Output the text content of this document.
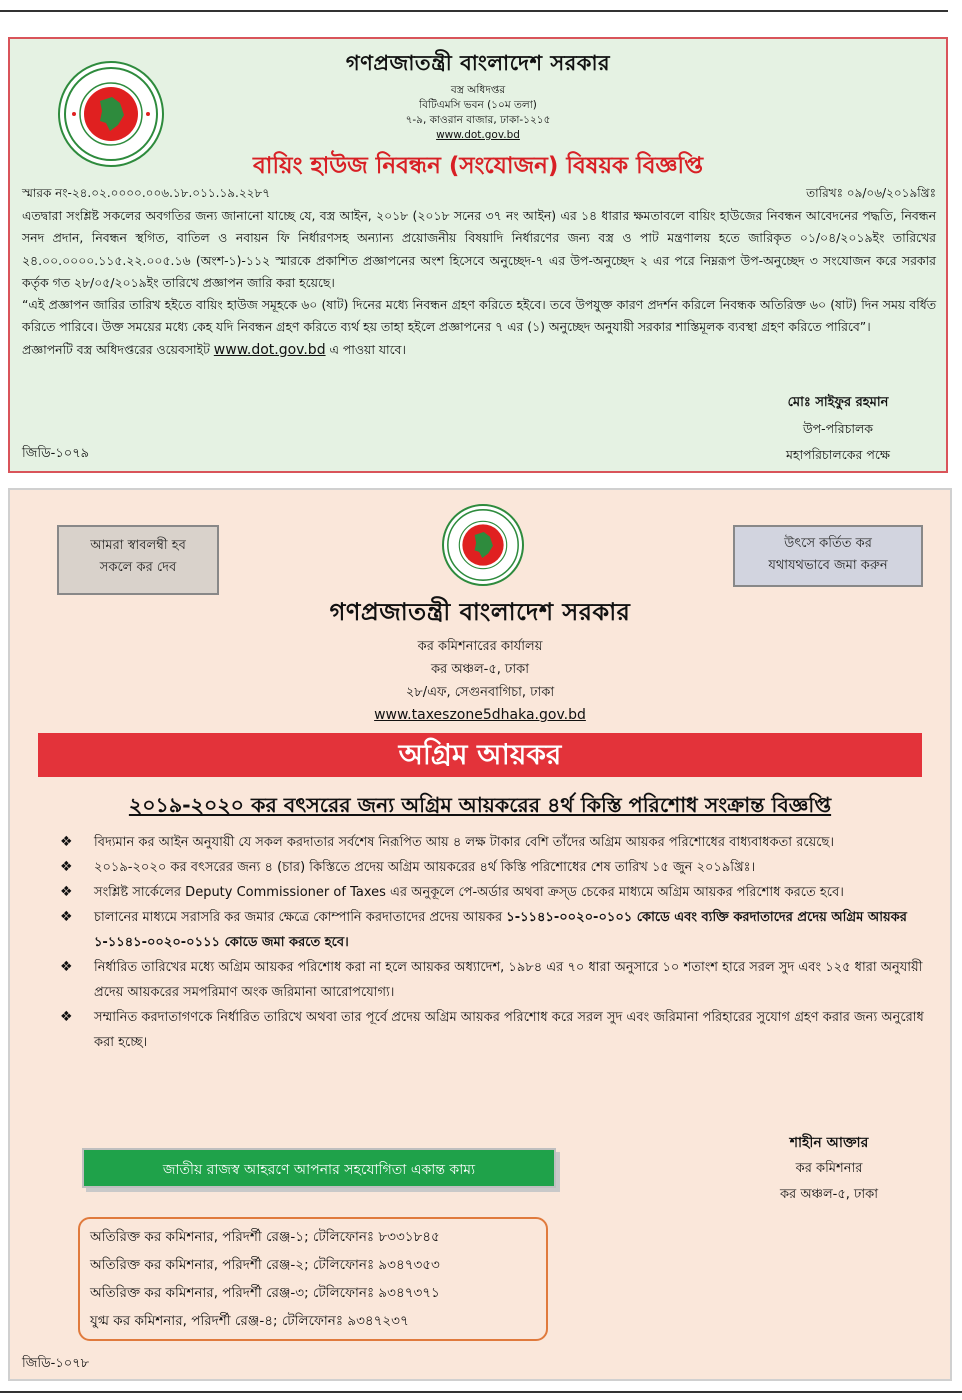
গণপ্রজাতন্ত্রী বাংলাদেশ সরকার
বস্ত্র অধিদপ্তর
বিটিএমসি ভবন (১০ম তলা)
৭-৯, কাওরান বাজার, ঢাকা-১২১৫
www.dot.gov.bd
বায়িং হাউজ নিবন্ধন (সংযোজন) বিষয়ক বিজ্ঞপ্তি
স্মারক নং-২৪.০২.০০০০.০০৬.১৮.০১১.১৯.২২৮৭	তারিখঃ ০৯/০৬/২০১৯খ্রিঃ

এতদ্বারা সংশ্লিষ্ট সকলের অবগতির জন্য জানানো যাচ্ছে যে, বস্ত্র আইন, ২০১৮ (২০১৮ সনের ৩৭ নং আইন) এর ১৪ ধারার ক্ষমতাবলে বায়িং হাউজের নিবন্ধন আবেদনের পদ্ধতি, নিবন্ধন সনদ প্রদান, নিবন্ধন স্থগিত, বাতিল ও নবায়ন ফি নির্ধারণসহ অন্যান্য প্রয়োজনীয় বিষয়াদি নির্ধারণের জন্য বস্ত্র ও পাট মন্ত্রণালয় হতে জারিকৃত ০১/০৪/২০১৯ইং তারিখের ২৪.০০.০০০০.১১৫.২২.০০৫.১৬ (অংশ-১)-১১২ স্মারকে প্রকাশিত প্রজ্ঞাপনের অংশ হিসেবে অনুচ্ছেদ-৭ এর উপ-অনুচ্ছেদ ২ এর পরে নিম্নরূপ উপ-অনুচ্ছেদ ৩ সংযোজন করে সরকার কর্তৃক গত ২৮/০৫/২০১৯ইং তারিখে প্রজ্ঞাপন জারি করা হয়েছে।

“এই প্রজ্ঞাপন জারির তারিখ হইতে বায়িং হাউজ সমূহকে ৬০ (ষাট) দিনের মধ্যে নিবন্ধন গ্রহণ করিতে হইবে। তবে উপযুক্ত কারণ প্রদর্শন করিলে নিবন্ধক অতিরিক্ত ৬০ (ষাট) দিন সময় বর্ধিত করিতে পারিবে। উক্ত সময়ের মধ্যে কেহ যদি নিবন্ধন গ্রহণ করিতে ব্যর্থ হয় তাহা হইলে প্রজ্ঞাপনের ৭ এর (১) অনুচ্ছেদ অনুযায়ী সরকার শাস্তিমূলক ব্যবস্থা গ্রহণ করিতে পারিবে”।

প্রজ্ঞাপনটি বস্ত্র অধিদপ্তরের ওয়েবসাইট www.dot.gov.bd এ পাওয়া যাবে।

মোঃ সাইফুর রহমান
উপ-পরিচালক
মহাপরিচালকের পক্ষে
জিডি-১০৭৯
আমরা স্বাবলম্বী হব
সকলে কর দেব
উৎসে কর্তিত কর
যথাযথভাবে জমা করুন
গণপ্রজাতন্ত্রী বাংলাদেশ সরকার
কর কমিশনারের কার্যালয়
কর অঞ্চল-৫, ঢাকা
২৮/এফ, সেগুনবাগিচা, ঢাকা
www.taxeszone5dhaka.gov.bd
অগ্রিম আয়কর
২০১৯-২০২০ কর বৎসরের জন্য অগ্রিম আয়করের ৪র্থ কিস্তি পরিশোধ সংক্রান্ত বিজ্ঞপ্তি
❖ বিদ্যমান কর আইন অনুযায়ী যে সকল করদাতার সর্বশেষ নিরূপিত আয় ৪ লক্ষ টাকার বেশি তাঁদের অগ্রিম আয়কর পরিশোধের বাধ্যবাধকতা রয়েছে।
❖ ২০১৯-২০২০ কর বৎসরের জন্য ৪ (চার) কিস্তিতে প্রদেয় অগ্রিম আয়করের ৪র্থ কিস্তি পরিশোধের শেষ তারিখ ১৫ জুন ২০১৯খ্রিঃ।
❖ সংশ্লিষ্ট সার্কেলের Deputy Commissioner of Taxes এর অনুকূলে পে-অর্ডার অথবা ক্রস্ড চেকের মাধ্যমে অগ্রিম আয়কর পরিশোধ করতে হবে।
❖ চালানের মাধ্যমে সরাসরি কর জমার ক্ষেত্রে কোম্পানি করদাতাদের প্রদেয় আয়কর ১-১১৪১-০০২০-০১০১ কোডে এবং ব্যক্তি করদাতাদের প্রদেয় অগ্রিম আয়কর ১-১১৪১-০০২০-০১১১ কোডে জমা করতে হবে।
❖ নির্ধারিত তারিখের মধ্যে অগ্রিম আয়কর পরিশোধ করা না হলে আয়কর অধ্যাদেশ, ১৯৮৪ এর ৭০ ধারা অনুসারে ১০ শতাংশ হারে সরল সুদ এবং ১২৫ ধারা অনুযায়ী প্রদেয় আয়করের সমপরিমাণ অংক জরিমানা আরোপযোগ্য।
❖ সম্মানিত করদাতাগণকে নির্ধারিত তারিখে অথবা তার পূর্বে প্রদেয় অগ্রিম আয়কর পরিশোধ করে সরল সুদ এবং জরিমানা পরিহারের সুযোগ গ্রহণ করার জন্য অনুরোধ করা হচ্ছে।
জাতীয় রাজস্ব আহরণে আপনার সহযোগিতা একান্ত কাম্য
শাহীন আক্তার
কর কমিশনার
কর অঞ্চল-৫, ঢাকা
অতিরিক্ত কর কমিশনার, পরিদর্শী রেঞ্জ-১; টেলিফোনঃ ৮৩৩১৮৪৫
অতিরিক্ত কর কমিশনার, পরিদর্শী রেঞ্জ-২; টেলিফোনঃ ৯৩৪৭৩৫৩
অতিরিক্ত কর কমিশনার, পরিদর্শী রেঞ্জ-৩; টেলিফোনঃ ৯৩৪৭৩৭১
যুগ্ম কর কমিশনার, পরিদর্শী রেঞ্জ-৪; টেলিফোনঃ ৯৩৪৭২৩৭
জিডি-১০৭৮
